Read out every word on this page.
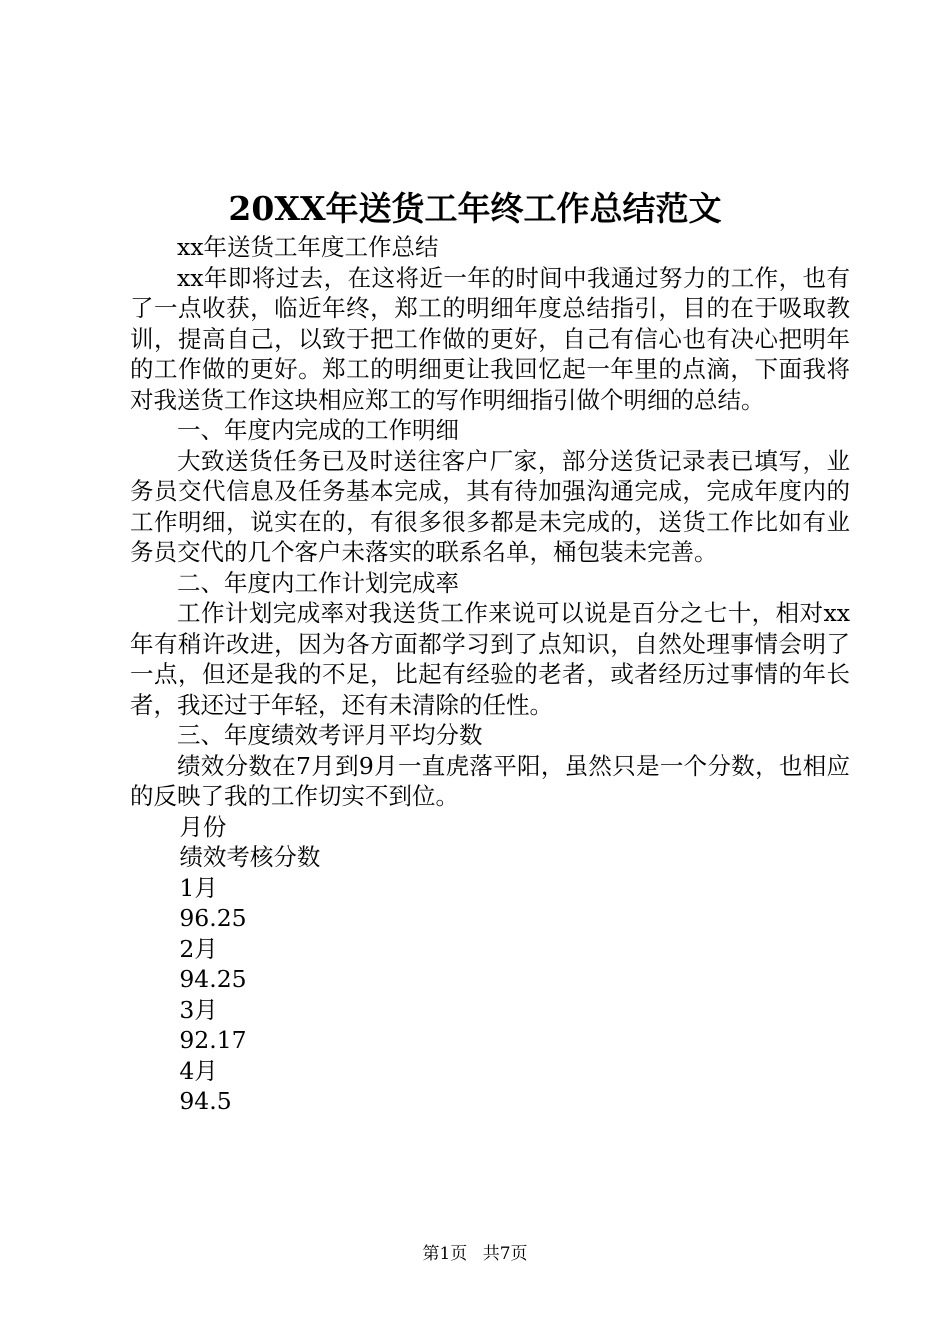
20XX年送货工年终工作总结范文

xx年送货工年度工作总结

xx年即将过去，在这将近一年的时间中我通过努力的工作，也有了一点收获，临近年终，郑工的明细年度总结指引，目的在于吸取教训，提高自己，以致于把工作做的更好，自己有信心也有决心把明年的工作做的更好。郑工的明细更让我回忆起一年里的点滴，下面我将对我送货工作这块相应郑工的写作明细指引做个明细的总结。

一、年度内完成的工作明细

大致送货任务已及时送往客户厂家，部分送货记录表已填写，业务员交代信息及任务基本完成，其有待加强沟通完成，完成年度内的工作明细，说实在的，有很多很多都是未完成的，送货工作比如有业务员交代的几个客户未落实的联系名单，桶包装未完善。

二、年度内工作计划完成率

工作计划完成率对我送货工作来说可以说是百分之七十，相对xx年有稍许改进，因为各方面都学习到了点知识，自然处理事情会明了一点，但还是我的不足，比起有经验的老者，或者经历过事情的年长者，我还过于年轻，还有未清除的任性。

三、年度绩效考评月平均分数

绩效分数在7月到9月一直虎落平阳，虽然只是一个分数，也相应的反映了我的工作切实不到位。

月份
绩效考核分数
1月
96.25
2月
94.25
3月
92.17
4月
94.5
第1页 共7页
